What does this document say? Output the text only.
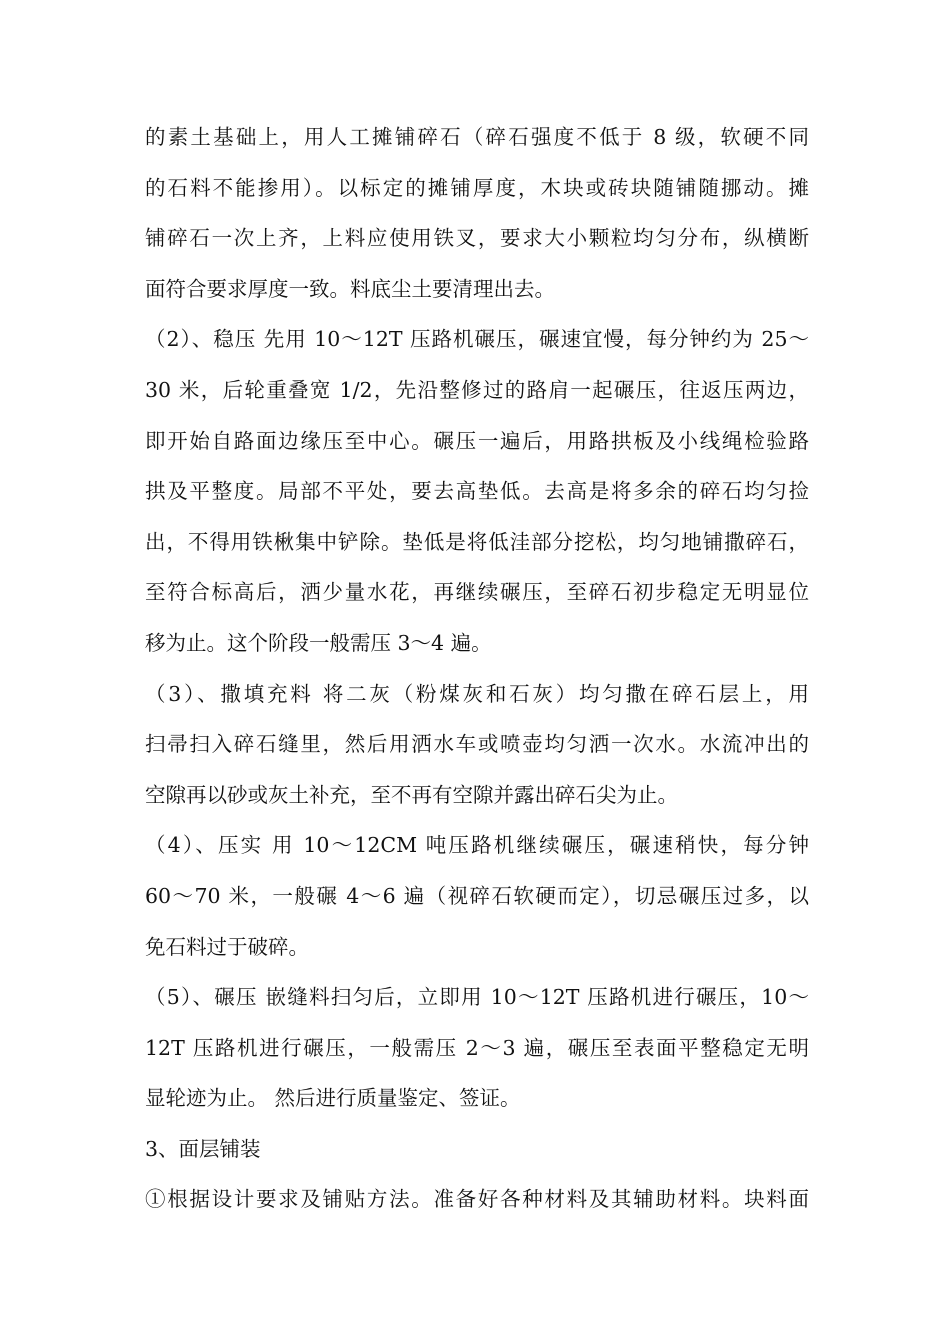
的素土基础上，用人工摊铺碎石（碎石强度不低于 8 级，软硬不同
的石料不能掺用）。以标定的摊铺厚度，木块或砖块随铺随挪动。摊
铺碎石一次上齐，上料应使用铁叉，要求大小颗粒均匀分布，纵横断
面符合要求厚度一致。料底尘土要清理出去。
（2）、稳压 先用 10～12T 压路机碾压，碾速宜慢，每分钟约为 25～
30 米，后轮重叠宽 1/2，先沿整修过的路肩一起碾压，往返压两边，
即开始自路面边缘压至中心。碾压一遍后，用路拱板及小线绳检验路
拱及平整度。局部不平处，要去高垫低。去高是将多余的碎石均匀捡
出，不得用铁楸集中铲除。垫低是将低洼部分挖松，均匀地铺撒碎石，
至符合标高后，洒少量水花，再继续碾压，至碎石初步稳定无明显位
移为止。这个阶段一般需压 3～4 遍。
（3）、撒填充料 将二灰（粉煤灰和石灰）均匀撒在碎石层上，用
扫帚扫入碎石缝里，然后用洒水车或喷壶均匀洒一次水。水流冲出的
空隙再以砂或灰土补充，至不再有空隙并露出碎石尖为止。
（4）、压实 用 10～12CM 吨压路机继续碾压，碾速稍快，每分钟
60～70 米，一般碾 4～6 遍（视碎石软硬而定），切忌碾压过多，以
免石料过于破碎。
（5）、碾压 嵌缝料扫匀后，立即用 10～12T 压路机进行碾压，10～
12T 压路机进行碾压，一般需压 2～3 遍，碾压至表面平整稳定无明
显轮迹为止。 然后进行质量鉴定、签证。
3、面层铺装
①根据设计要求及铺贴方法。准备好各种材料及其辅助材料。块料面
